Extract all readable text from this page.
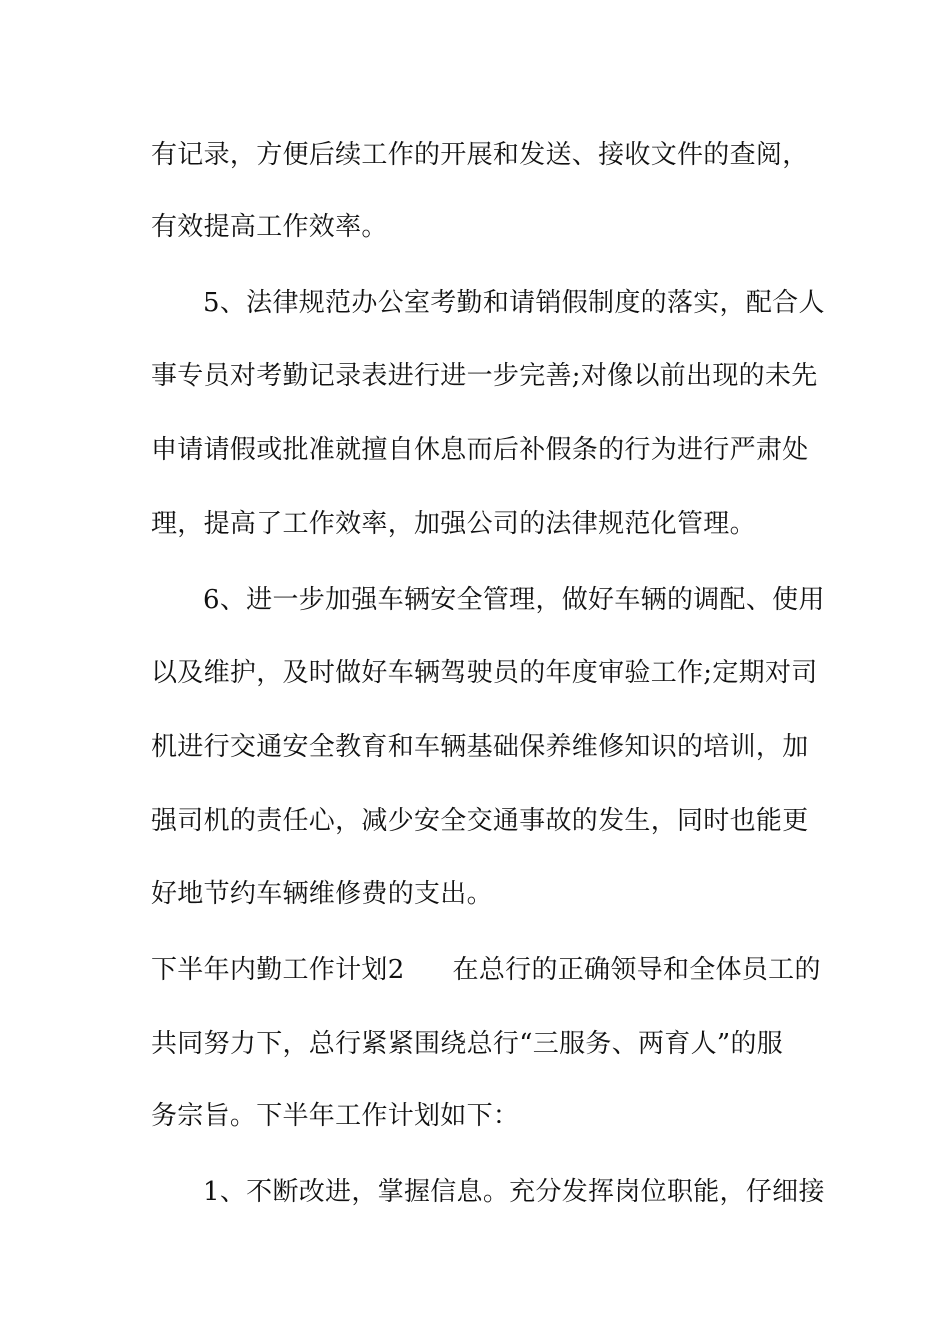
有记录，方便后续工作的开展和发送、接收文件的查阅，

有效提高工作效率。

5、法律规范办公室考勤和请销假制度的落实，配合人

事专员对考勤记录表进行进一步完善;对像以前出现的未先

申请请假或批准就擅自休息而后补假条的行为进行严肃处

理，提高了工作效率，加强公司的法律规范化管理。

6、进一步加强车辆安全管理，做好车辆的调配、使用

以及维护，及时做好车辆驾驶员的年度审验工作;定期对司

机进行交通安全教育和车辆基础保养维修知识的培训，加

强司机的责任心，减少安全交通事故的发生，同时也能更

好地节约车辆维修费的支出。

下半年内勤工作计划2 在总行的正确领导和全体员工的

共同努力下，总行紧紧围绕总行“三服务、两育人”的服

务宗旨。下半年工作计划如下：

1、不断改进，掌握信息。充分发挥岗位职能，仔细接
